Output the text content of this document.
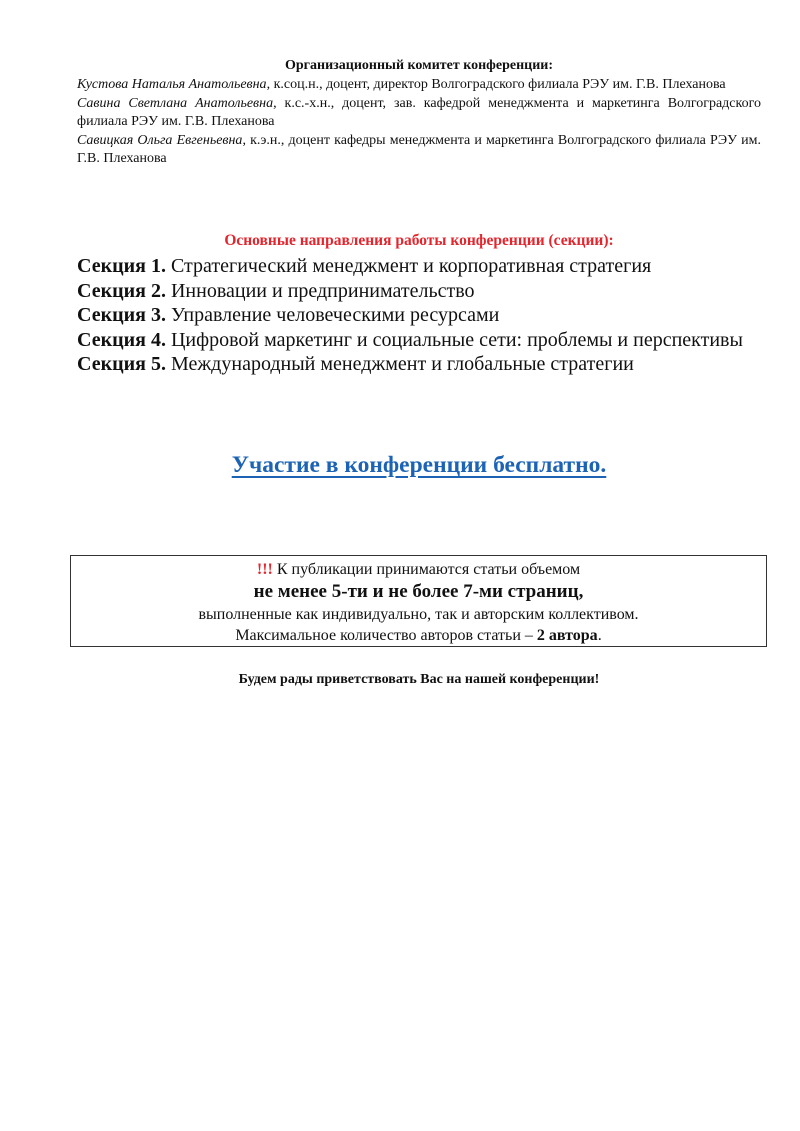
Организационный комитет конференции:

Кустова Наталья Анатольевна, к.соц.н., доцент, директор Волгоградского филиала РЭУ им. Г.В. Плеханова

Савина Светлана Анатольевна, к.с.-х.н., доцент, зав. кафедрой менеджмента и маркетинга Волгоградского филиала РЭУ им. Г.В. Плеханова

Савицкая Ольга Евгеньевна, к.э.н., доцент кафедры менеджмента и маркетинга Волгоградского филиала РЭУ им. Г.В. Плеханова

Основные направления работы конференции (секции):

Секция 1. Стратегический менеджмент и корпоративная стратегия

Секция 2. Инновации и предпринимательство

Секция 3. Управление человеческими ресурсами

Секция 4. Цифровой маркетинг и социальные сети: проблемы и перспективы

Секция 5. Международный менеджмент и глобальные стратегии

Участие в конференции бесплатно.
!!! К публикации принимаются статьи объемом
не менее 5-ти и не более 7-ми страниц,
выполненные как индивидуально, так и авторским коллективом.
Максимальное количество авторов статьи – 2 автора.
Будем рады приветствовать Вас на нашей конференции!
